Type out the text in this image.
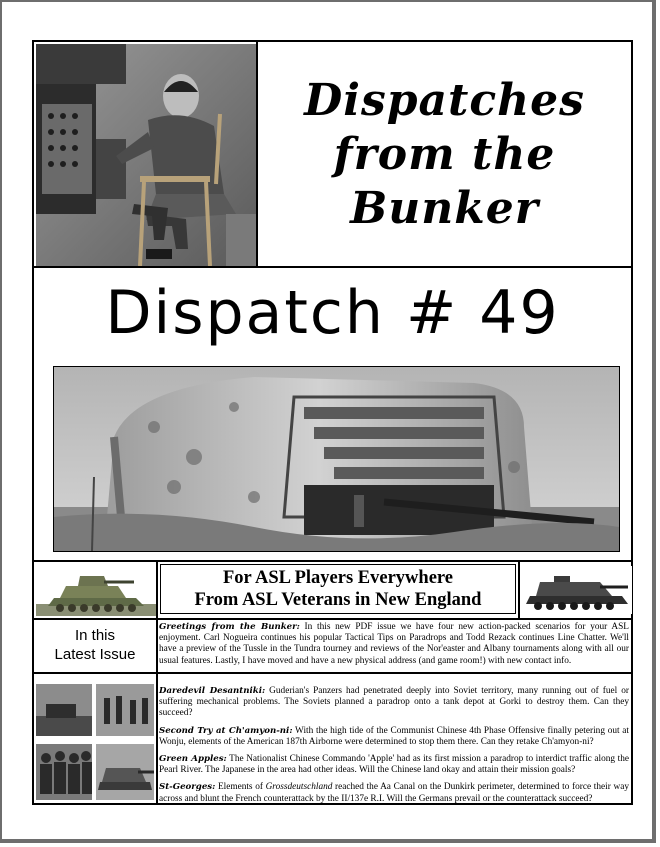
Dispatches
from the
Bunker
Dispatch # 49
For ASL Players Everywhere
From ASL Veterans in New England
In this
Latest Issue
Greetings from the Bunker: In this new PDF issue we have four new action-packed scenarios for your ASL enjoyment. Carl Nogueira continues his popular Tactical Tips on Paradrops and Todd Rezack continues Line Chatter. We'll have a preview of the Tussle in the Tundra tourney and reviews of the Nor'easter and Albany tournaments along with all our usual features. Lastly, I have moved and have a new physical address (and game room!) with new contact info.
Daredevil Desantniki: Guderian's Panzers had penetrated deeply into Soviet territory, many running out of fuel or suffering mechanical problems. The Soviets planned a paradrop onto a tank depot at Gorki to destroy them. Can they succeed?
Second Try at Ch'amyon-ni: With the high tide of the Communist Chinese 4th Phase Offensive finally petering out at Wonju, elements of the American 187th Airborne were determined to stop them there. Can they retake Ch'amyon-ni?
Green Apples: The Nationalist Chinese Commando 'Apple' had as its first mission a paradrop to interdict traffic along the Pearl River. The Japanese in the area had other ideas. Will the Chinese land okay and attain their mission goals?
St-Georges: Elements of Grossdeutschland reached the Aa Canal on the Dunkirk perimeter, determined to force their way across and blunt the French counterattack by the II/137e R.I. Will the Germans prevail or the counterattack succeed?
